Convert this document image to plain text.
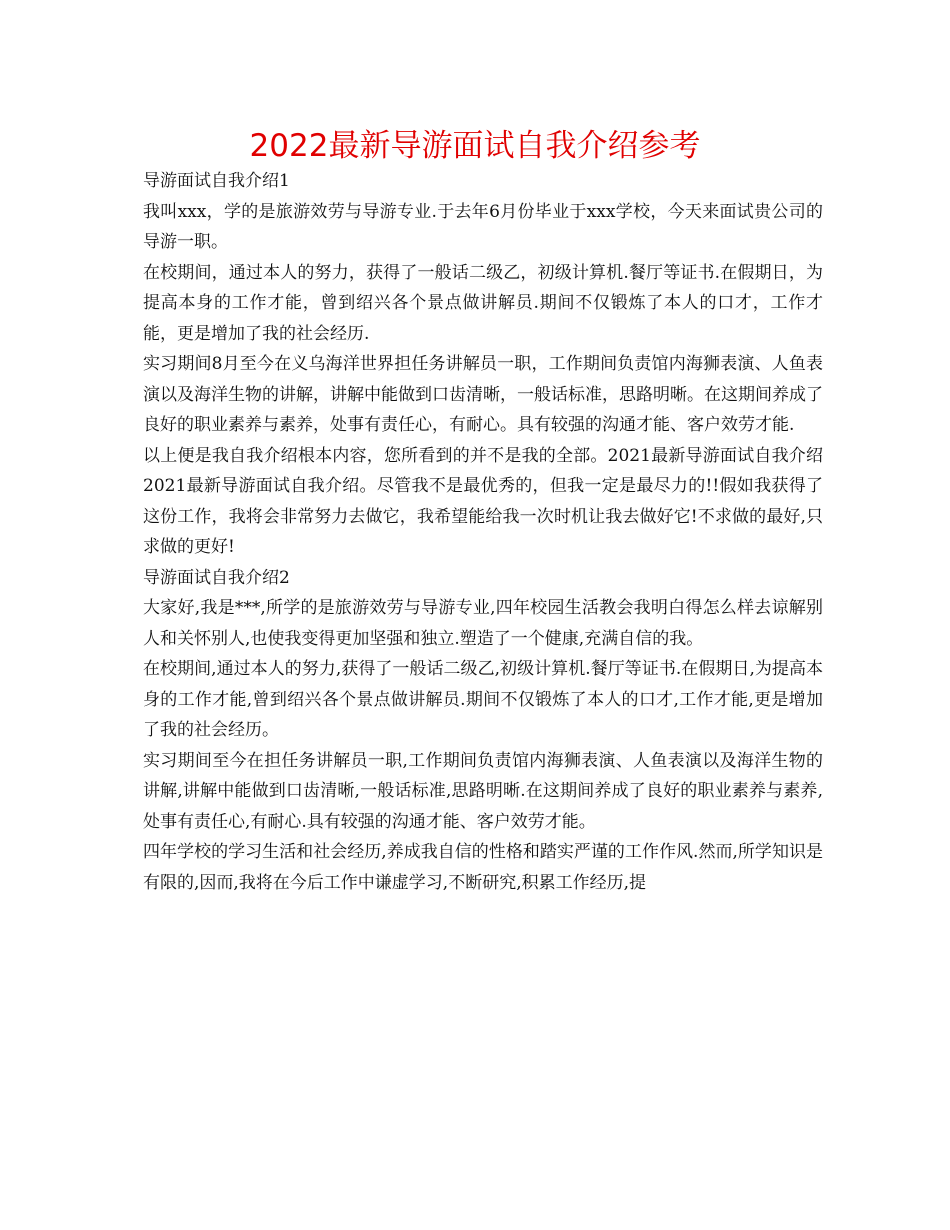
2022最新导游面试自我介绍参考

导游面试自我介绍1

我叫xxx，学的是旅游效劳与导游专业.于去年6月份毕业于xxx学校，今天来面试贵公司的导游一职。

在校期间，通过本人的努力，获得了一般话二级乙，初级计算机.餐厅等证书.在假期日，为提高本身的工作才能，曾到绍兴各个景点做讲解员.期间不仅锻炼了本人的口才，工作才能，更是增加了我的社会经历.

实习期间8月至今在义乌海洋世界担任务讲解员一职，工作期间负责馆内海狮表演、人鱼表演以及海洋生物的讲解，讲解中能做到口齿清晰，一般话标准，思路明晰。在这期间养成了良好的职业素养与素养，处事有责任心，有耐心。具有较强的沟通才能、客户效劳才能.

以上便是我自我介绍根本内容，您所看到的并不是我的全部。2021最新导游面试自我介绍2021最新导游面试自我介绍。尽管我不是最优秀的，但我一定是最尽力的!!假如我获得了这份工作，我将会非常努力去做它，我希望能给我一次时机让我去做好它!不求做的最好,只求做的更好!

导游面试自我介绍2

大家好,我是***,所学的是旅游效劳与导游专业,四年校园生活教会我明白得怎么样去谅解别人和关怀别人,也使我变得更加坚强和独立.塑造了一个健康,充满自信的我。

在校期间,通过本人的努力,获得了一般话二级乙,初级计算机.餐厅等证书.在假期日,为提高本身的工作才能,曾到绍兴各个景点做讲解员.期间不仅锻炼了本人的口才,工作才能,更是增加了我的社会经历。

实习期间至今在担任务讲解员一职,工作期间负责馆内海狮表演、人鱼表演以及海洋生物的讲解,讲解中能做到口齿清晰,一般话标准,思路明晰.在这期间养成了良好的职业素养与素养,处事有责任心,有耐心.具有较强的沟通才能、客户效劳才能。

四年学校的学习生活和社会经历,养成我自信的性格和踏实严谨的工作作风.然而,所学知识是有限的,因而,我将在今后工作中谦虚学习,不断研究,积累工作经历,提
